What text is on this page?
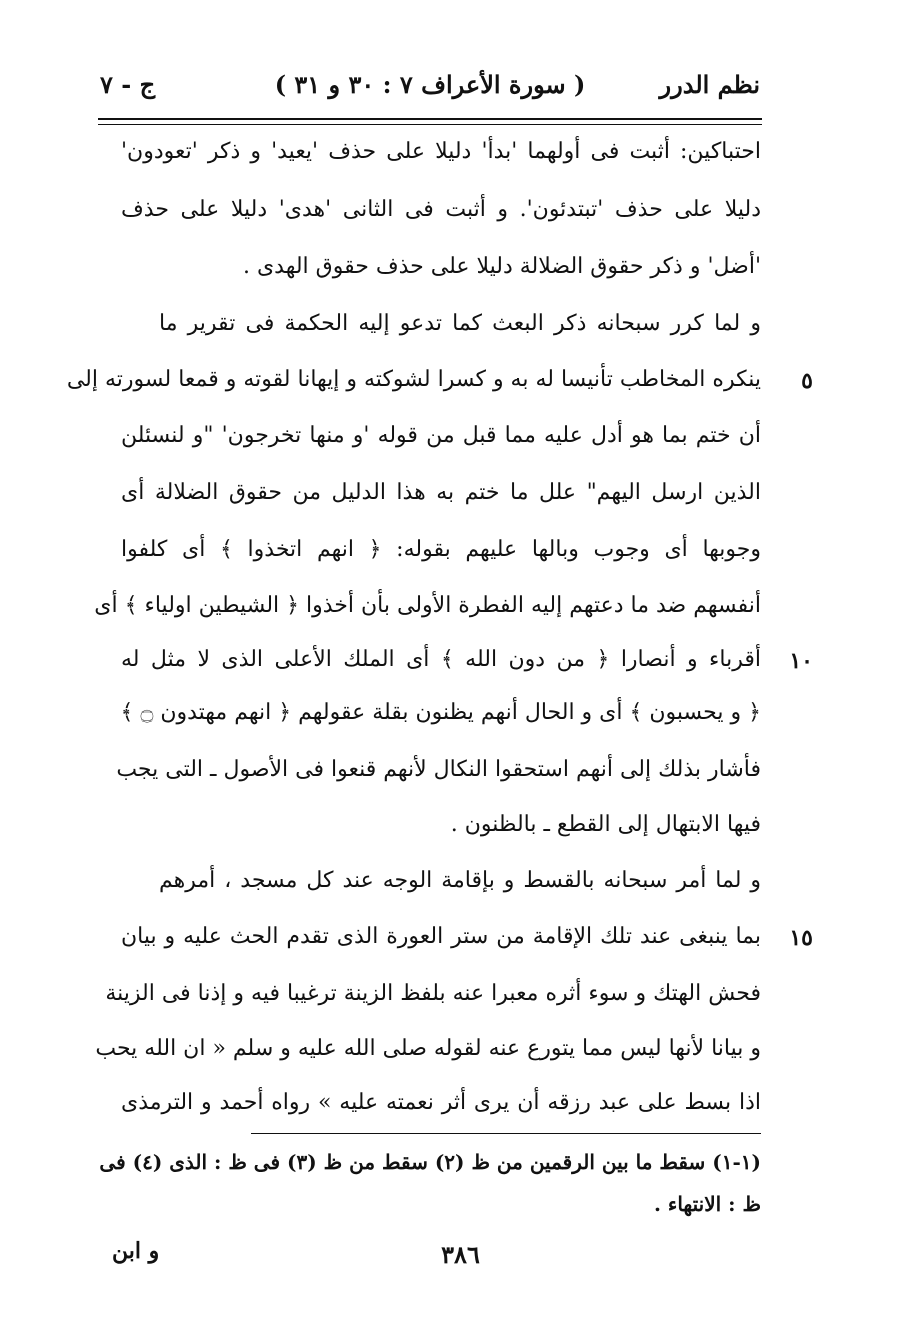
نظم الدرر
( سورة الأعراف ٧ : ٣٠ و ٣١ )
ج - ٧
احتباكين: أثبت فى أولهما 'بدأ' دليلا على حذف 'يعيد' و ذكر 'تعودون'
دليلا على حذف 'تبتدئون'. و أثبت فى الثانى 'هدى' دليلا على حذف
'أضل' و ذكر حقوق الضلالة دليلا على حذف حقوق الهدى .
و لما كرر سبحانه ذكر البعث كما تدعو إليه الحكمة فى تقرير ما
ينكره المخاطب تأنيسا له به و كسرا لشوكته و إيهانا لقوته و قمعا لسورته إلى
أن ختم بما هو أدل عليه مما قبل من قوله 'و منها تخرجون' "و لنسئلن
الذين ارسل اليهم" علل ما ختم به هذا الدليل من حقوق الضلالة أى
وجوبها أى وجوب وبالها عليهم بقوله: ﴿ انهم اتخذوا ﴾ أى كلفوا
أنفسهم ضد ما دعتهم إليه الفطرة الأولى بأن أخذوا ﴿ الشيطين اولياء ﴾ أى
أقرباء و أنصارا ﴿ من دون الله ﴾ أى الملك الأعلى الذى لا مثل له
﴿ و يحسبون ﴾ أى و الحال أنهم يظنون بقلة عقولهم ﴿ انهم مهتدون ۝ ﴾
فأشار بذلك إلى أنهم استحقوا النكال لأنهم قنعوا فى الأصول ـ التى يجب
فيها الابتهال إلى القطع ـ بالظنون .
و لما أمر سبحانه بالقسط و بإقامة الوجه عند كل مسجد ، أمرهم
بما ينبغى عند تلك الإقامة من ستر العورة الذى تقدم الحث عليه و بيان
فحش الهتك و سوء أثره معبرا عنه بلفظ الزينة ترغيبا فيه و إذنا فى الزينة
و بيانا لأنها ليس مما يتورع عنه لقوله صلى الله عليه و سلم « ان الله يحب
اذا بسط على عبد رزقه أن يرى أثر نعمته عليه » رواه أحمد و الترمذى
٥
١٠
١٥
(١-١) سقط ما بين الرقمين من ظ (٢) سقط من ظ (٣) فى ظ : الذى (٤) فى
ظ : الانتهاء .
و ابن	٣٨٦
